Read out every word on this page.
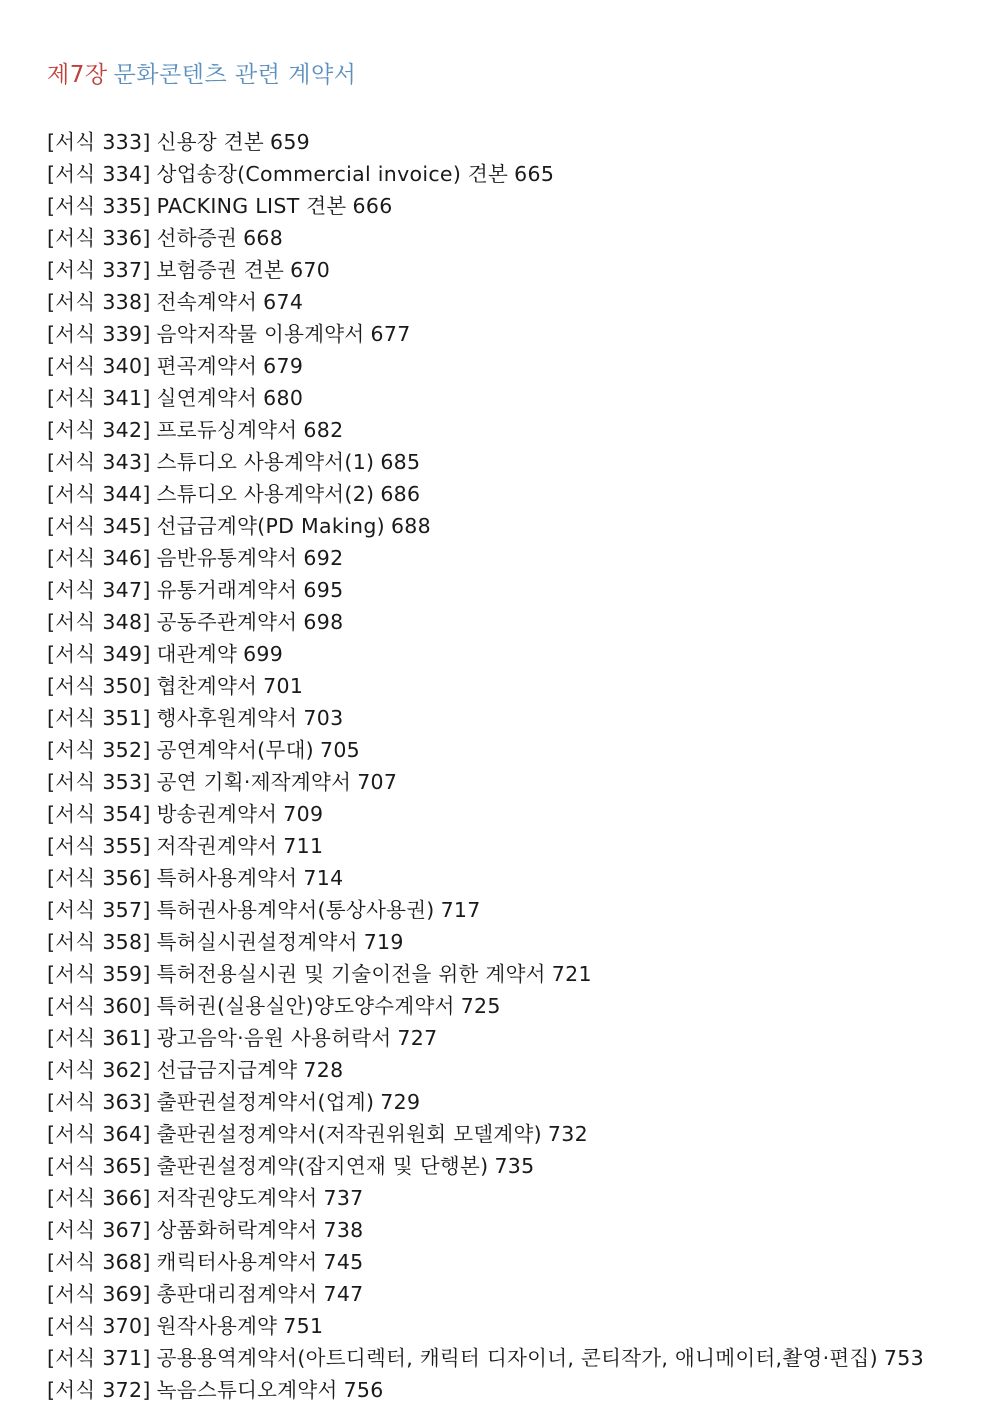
제7장 문화콘텐츠 관련 계약서
[서식 333] 신용장 견본 659
[서식 334] 상업송장(Commercial invoice) 견본 665
[서식 335] PACKING LIST 견본 666
[서식 336] 선하증권 668
[서식 337] 보험증권 견본 670
[서식 338] 전속계약서 674
[서식 339] 음악저작물 이용계약서 677
[서식 340] 편곡계약서 679
[서식 341] 실연계약서 680
[서식 342] 프로듀싱계약서 682
[서식 343] 스튜디오 사용계약서(1) 685
[서식 344] 스튜디오 사용계약서(2) 686
[서식 345] 선급금계약(PD Making) 688
[서식 346] 음반유통계약서 692
[서식 347] 유통거래계약서 695
[서식 348] 공동주관계약서 698
[서식 349] 대관계약 699
[서식 350] 협찬계약서 701
[서식 351] 행사후원계약서 703
[서식 352] 공연계약서(무대) 705
[서식 353] 공연 기획·제작계약서 707
[서식 354] 방송권계약서 709
[서식 355] 저작권계약서 711
[서식 356] 특허사용계약서 714
[서식 357] 특허권사용계약서(통상사용권) 717
[서식 358] 특허실시권설정계약서 719
[서식 359] 특허전용실시권 및 기술이전을 위한 계약서 721
[서식 360] 특허권(실용실안)양도양수계약서 725
[서식 361] 광고음악·음원 사용허락서 727
[서식 362] 선급금지급계약 728
[서식 363] 출판권설정계약서(업계) 729
[서식 364] 출판권설정계약서(저작권위원회 모델계약) 732
[서식 365] 출판권설정계약(잡지연재 및 단행본) 735
[서식 366] 저작권양도계약서 737
[서식 367] 상품화허락계약서 738
[서식 368] 캐릭터사용계약서 745
[서식 369] 총판대리점계약서 747
[서식 370] 원작사용계약 751
[서식 371] 공용용역계약서(아트디렉터, 캐릭터 디자이너, 콘티작가, 애니메이터,촬영·편집) 753
[서식 372] 녹음스튜디오계약서 756
